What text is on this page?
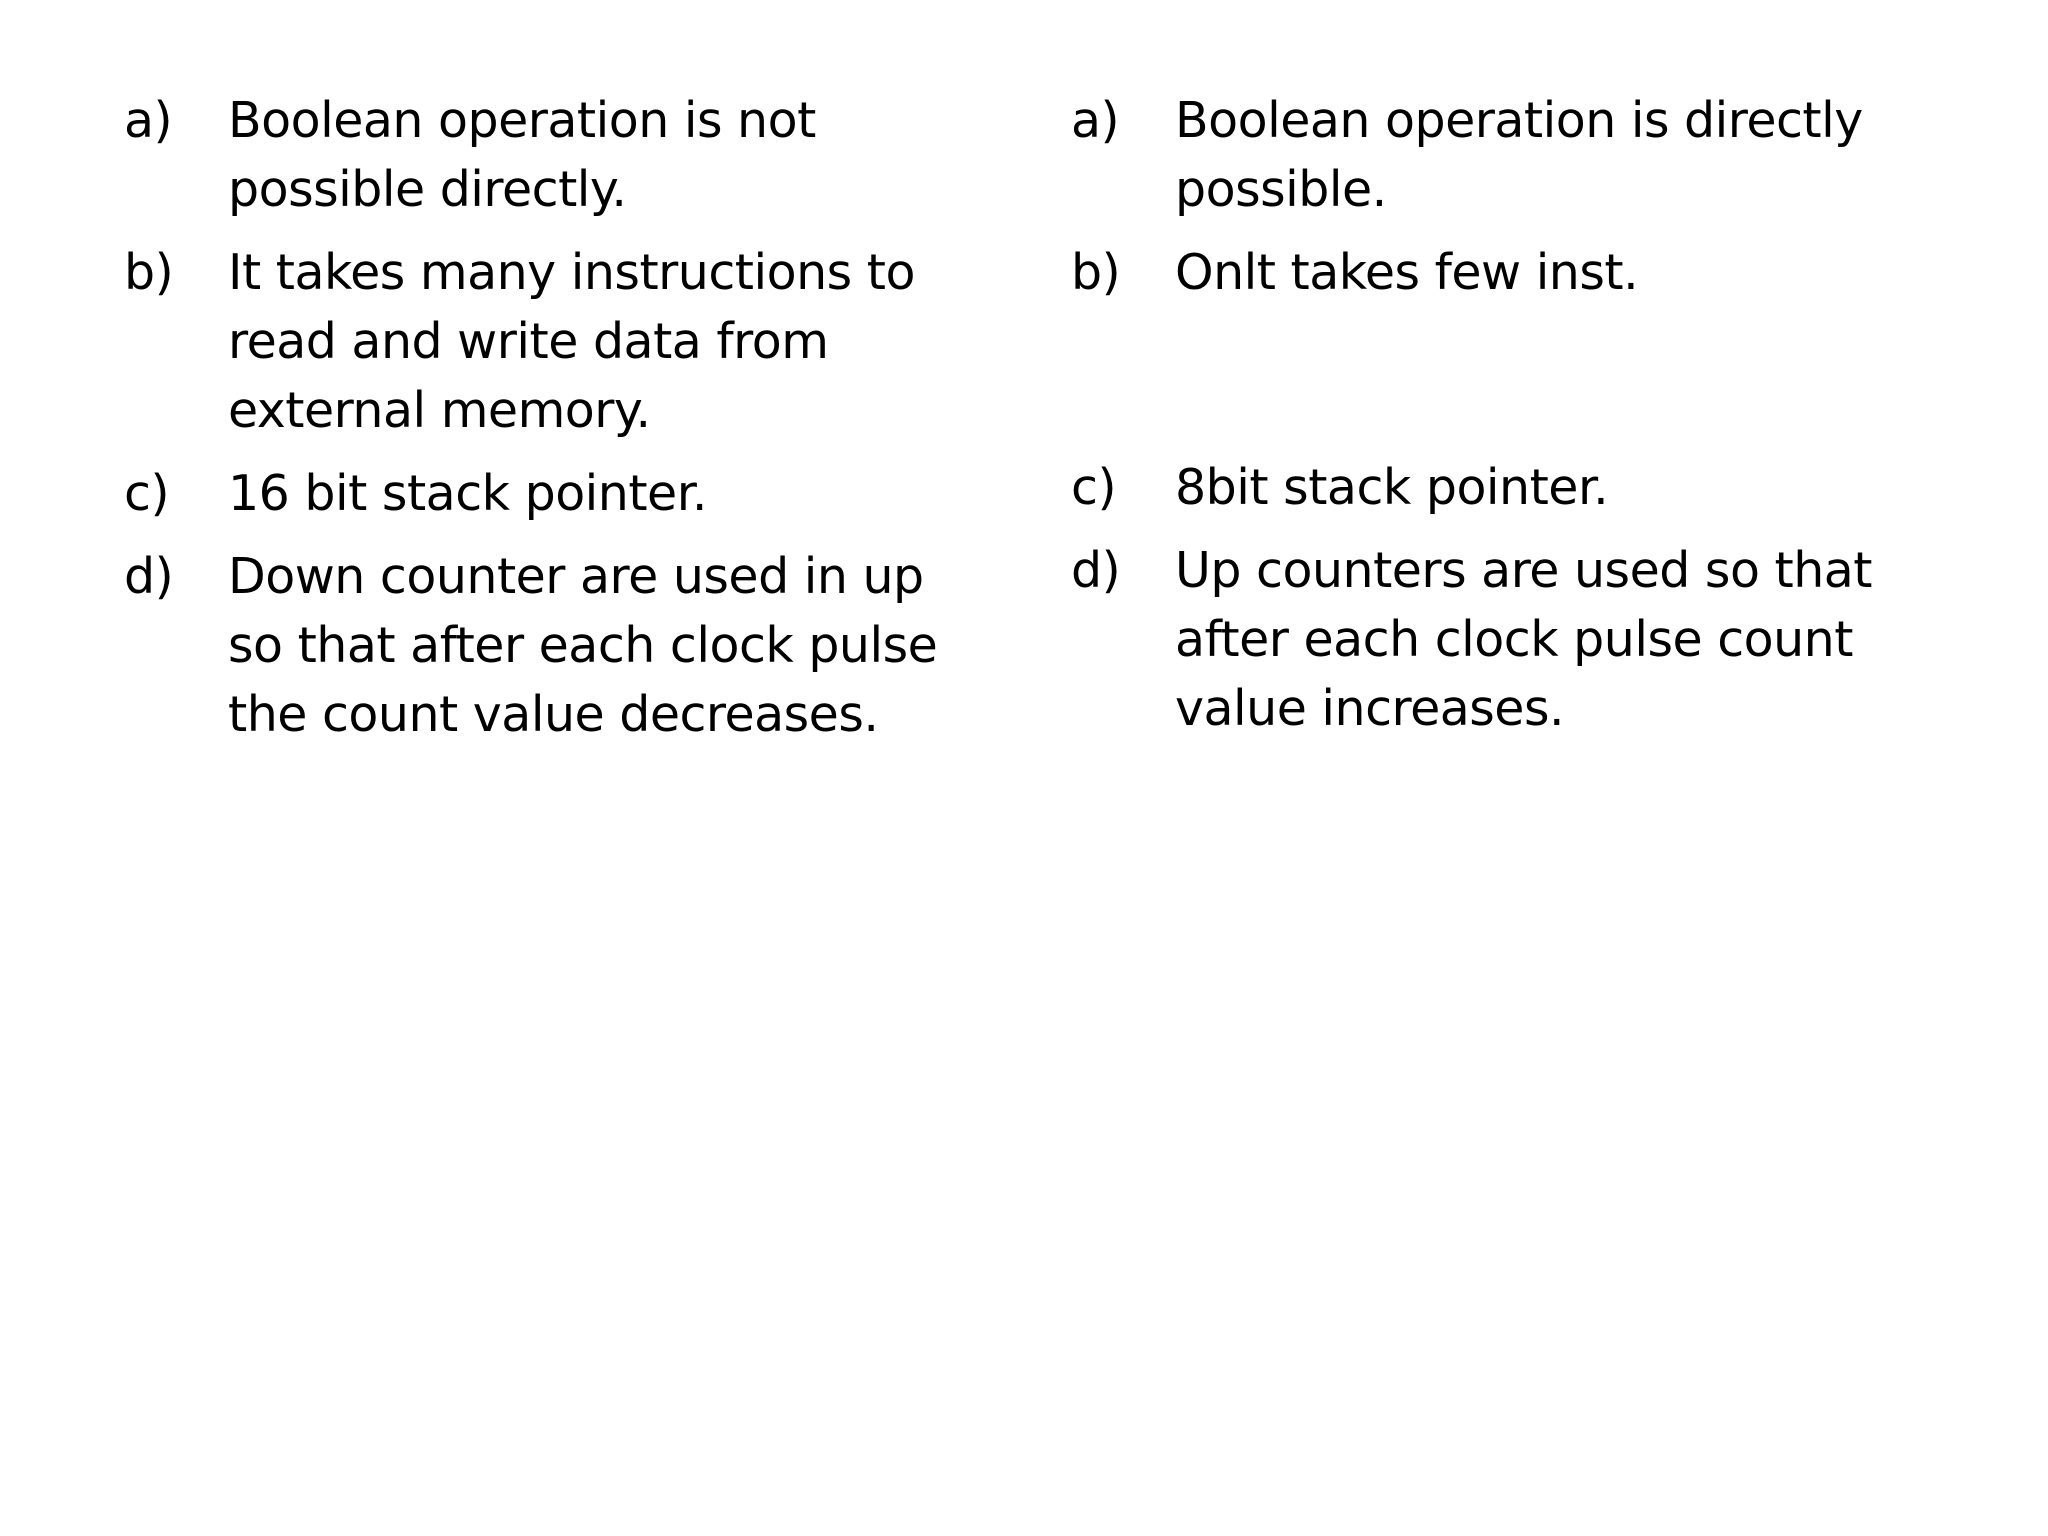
a)	Boolean operation is not possible directly.
b)	It takes many instructions to read and write data from external memory.
c)	16 bit stack pointer.
d)	Down counter are used in up so that after each clock pulse the count value decreases.
a)	Boolean operation is directly possible.
b)	Onlt takes few inst.
c)	8bit stack pointer.
d)	Up counters are used so that after each clock pulse count value increases.
